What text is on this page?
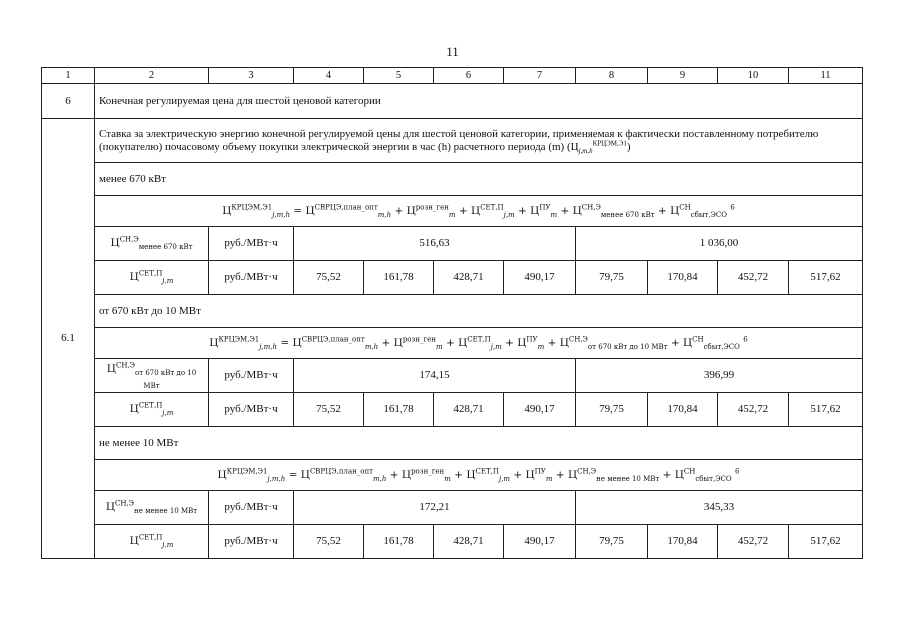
11
1	2	3	4	5	6	7	8	9	10	11
6	Конечная регулируемая цена для шестой ценовой категории									
6.1	Ставка за электрическую энергию конечной регулируемой цены для шестой ценовой категории, применяемая к фактически поставленному потребителю (покупателю) почасовому объему покупки электрической энергии в час (h) расчетного периода (m) $(Ц_{j,m,h}^{КРЦЭМ,Э1})$									
	менее 670 кВт									
	$Ц^{КРЦЭМ,Э1}_{j,m,h} = Ц^{СВРЦЭ,план\_опт}_{m,h} + Ц^{розн\_ген}_m + Ц^{СЕТ,П}_{j,m} + Ц^{ПУ}_m + Ц^{СН,Э}_{менее 670 кВт} + Ц^{СН}_{сбыт,ЭСО}$ $^6$
	$Ц^{СН,Э}_{менее 670 кВт}$	руб./МВт·ч	516,63				1 036,00			
	$Ц^{СЕТ,П}_{j,m}$	руб./МВт·ч	75,52	161,78	428,71	490,17	79,75	170,84	452,72	517,62
	от 670 кВт до 10 МВт									
	$Ц^{КРЦЭМ,Э1}_{j,m,h} = Ц^{СВРЦЭ,план\_опт}_{m,h} + Ц^{розн\_ген}_m + Ц^{СЕТ,П}_{j,m} + Ц^{ПУ}_m + Ц^{СН,Э}_{от 670 кВт до 10 МВт} + Ц^{СН}_{сбыт,ЭСО}$ $^6$
	$Ц^{СН,Э}_{от 670 кВт до 10 МВт}$	руб./МВт·ч	174,15				396,99			
	$Ц^{СЕТ,П}_{j,m}$	руб./МВт·ч	75,52	161,78	428,71	490,17	79,75	170,84	452,72	517,62
	не менее 10 МВт									
	$Ц^{КРЦЭМ,Э1}_{j,m,h} = Ц^{СВРЦЭ,план\_опт}_{m,h} + Ц^{розн\_ген}_m + Ц^{СЕТ,П}_{j,m} + Ц^{ПУ}_m + Ц^{СН,Э}_{не менее 10 МВт} + Ц^{СН}_{сбыт,ЭСО}$ $^6$
	$Ц^{СН,Э}_{не менее 10 МВт}$	руб./МВт·ч	172,21				345,33			
	$Ц^{СЕТ,П}_{j,m}$	руб./МВт·ч	75,52	161,78	428,71	490,17	79,75	170,84	452,72	517,62
